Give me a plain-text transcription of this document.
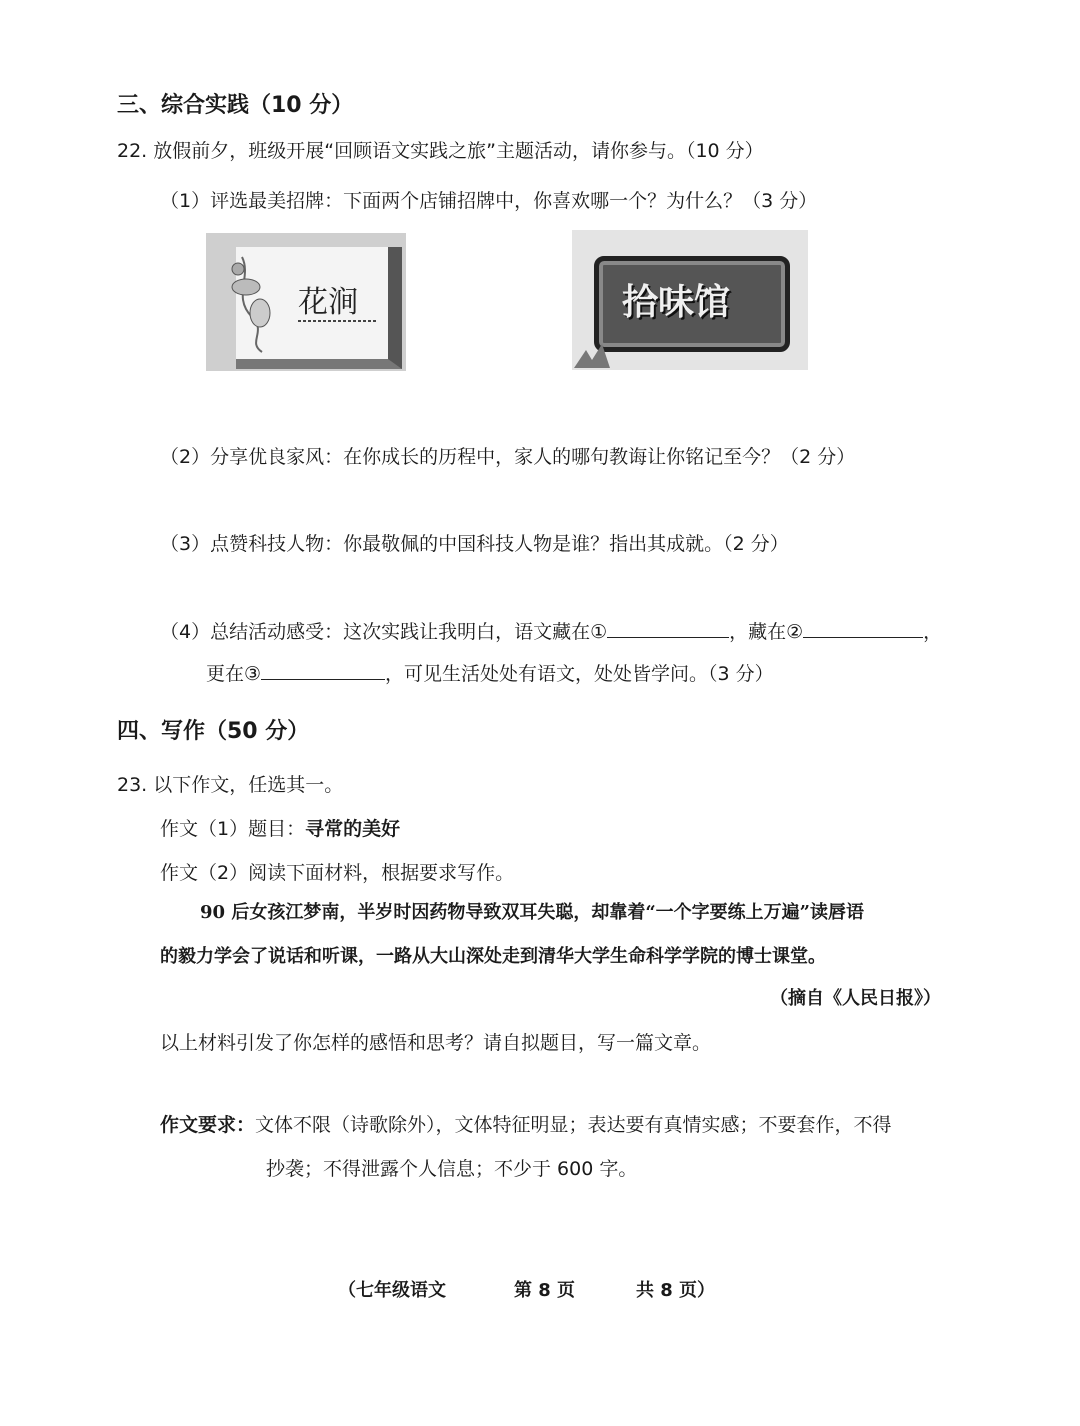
三、综合实践（10 分）
22. 放假前夕，班级开展“回顾语文实践之旅”主题活动，请你参与。（10 分）
（1）评选最美招牌：下面两个店铺招牌中，你喜欢哪一个？为什么？（3 分）
花涧	拾味馆
（2）分享优良家风：在你成长的历程中，家人的哪句教诲让你铭记至今？（2 分）
（3）点赞科技人物：你最敬佩的中国科技人物是谁？指出其成就。（2 分）
（4）总结活动感受：这次实践让我明白，语文藏在①	，藏在②	，
更在③	，可见生活处处有语文，处处皆学问。（3 分）
四、写作（50 分）
23. 以下作文，任选其一。
作文（1）题目：寻常的美好
作文（2）阅读下面材料，根据要求写作。
90 后女孩江梦南，半岁时因药物导致双耳失聪，却靠着“一个字要练上万遍”读唇语
的毅力学会了说话和听课，一路从大山深处走到清华大学生命科学学院的博士课堂。
（摘自《人民日报》）
以上材料引发了你怎样的感悟和思考？请自拟题目，写一篇文章。
作文要求：文体不限（诗歌除外），文体特征明显；表达要有真情实感；不要套作，不得
抄袭；不得泄露个人信息；不少于 600 字。
（七年级语文	第 8 页	共 8 页）
